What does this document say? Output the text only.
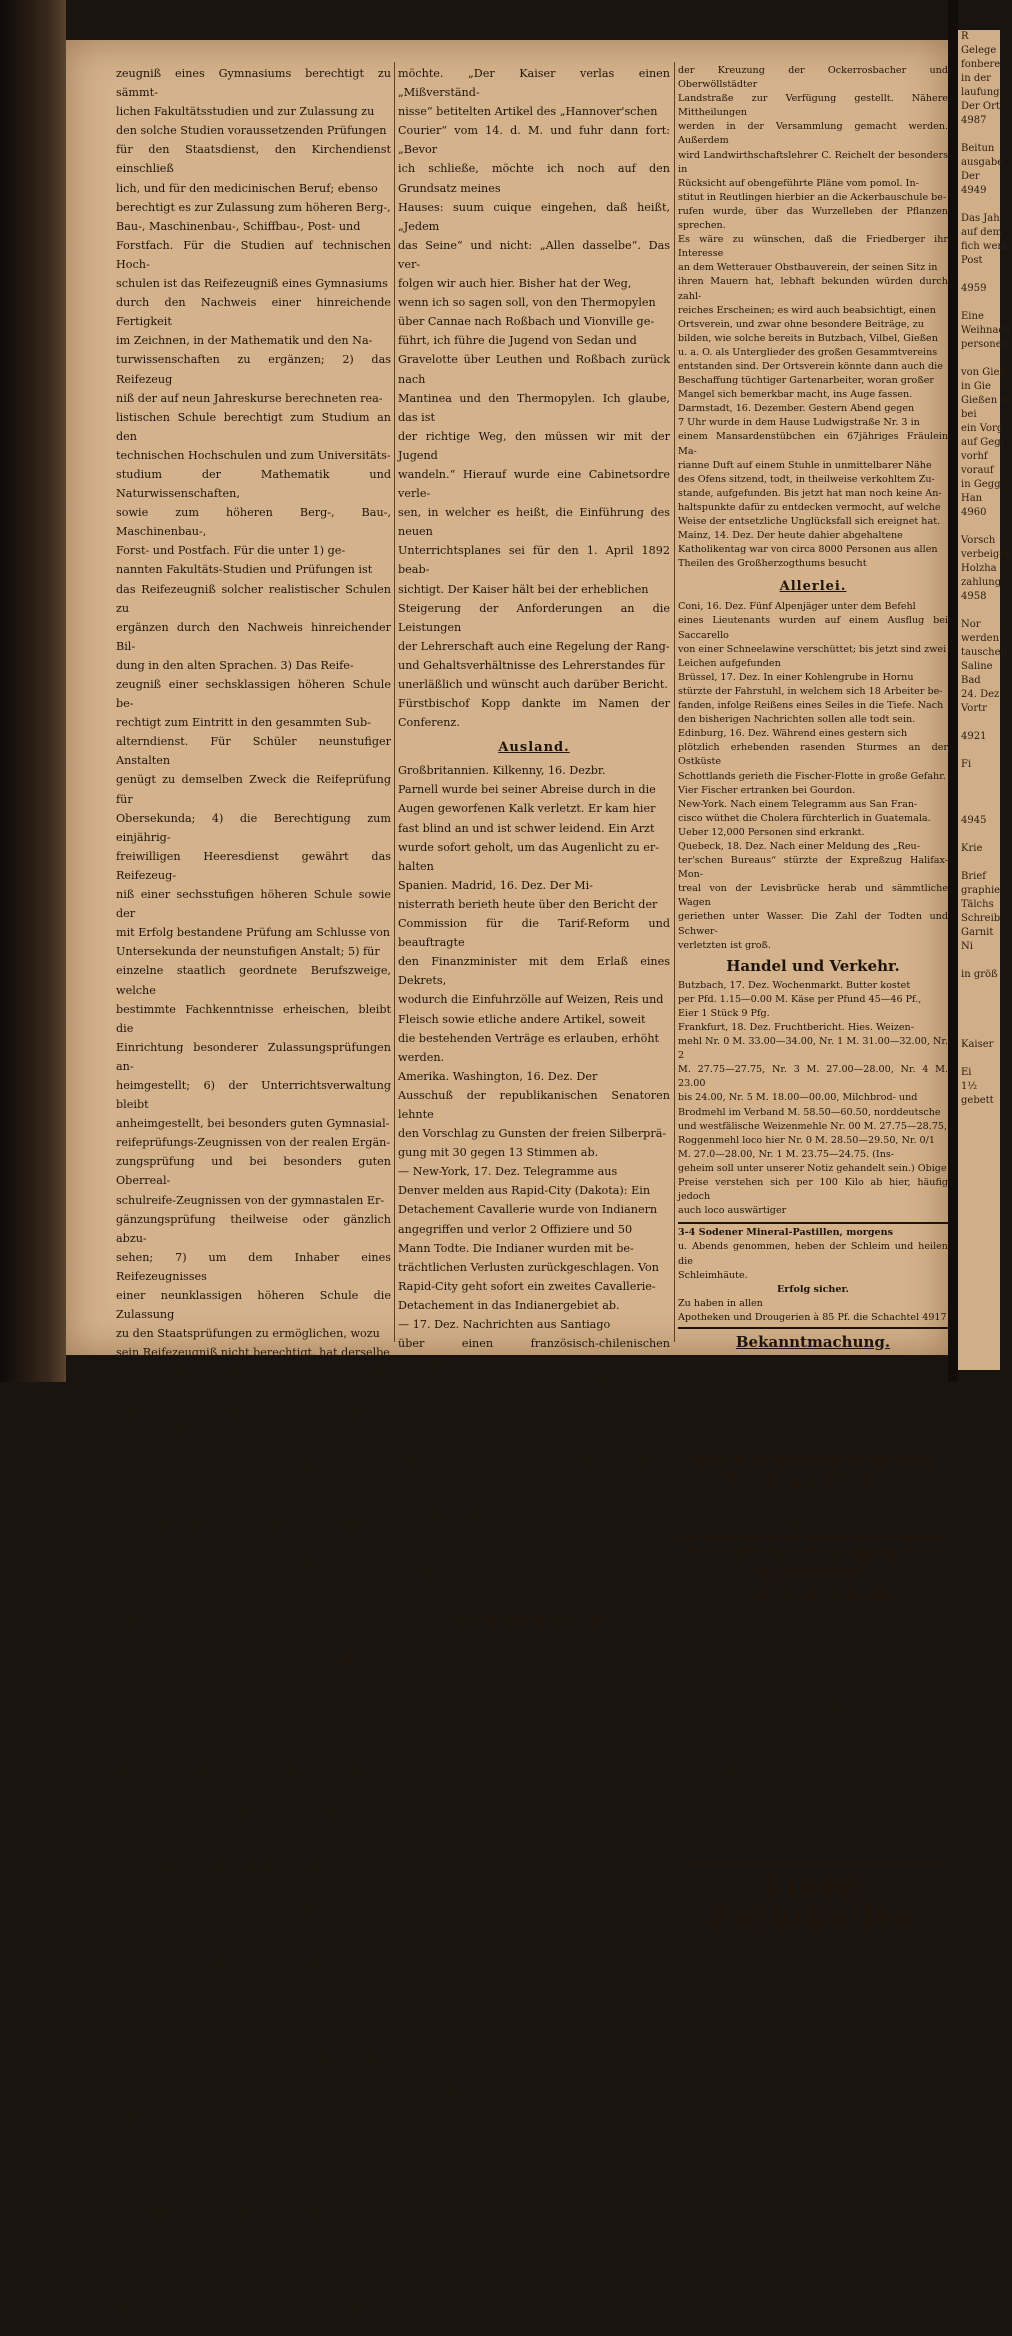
R
Gelege
fonbere
in der
laufung
Der Ort
4987
Beitun
ausgabe
Der
4949
Das Jah
auf dem
fich wem
Post
4959
Eine
Weihnach
personen
von Gieß
in Gie
Gießen o
bei
ein Vorg
auf Gegi
vorhf
vorauf
in Gegg
Han
4960
Vorsch
verbeigen
Holzha
zahlung
4958
Nor
werden
tauschen
Saline
Bad
24. Dez
Vortr
4921
Fi
4945
Krie
Brief
graphie
Tälchs
Schreib
Garnit
Ni
in größ
Kaiser
Ei
1½
gebett

zeugniß eines Gymnasiums berechtigt zu sämmt-

lichen Fakultätsstudien und zur Zulassung zu

den solche Studien voraussetzenden Prüfungen

für den Staatsdienst, den Kirchendienst einschließ

lich, und für den medicinischen Beruf; ebenso

berechtigt es zur Zulassung zum höheren Berg-,

Bau-, Maschinenbau-, Schiffbau-, Post- und

Forstfach. Für die Studien auf technischen Hoch-

schulen ist das Reifezeugniß eines Gymnasiums

durch den Nachweis einer hinreichende Fertigkeit

im Zeichnen, in der Mathematik und den Na-

turwissenschaften zu ergänzen; 2) das Reifezeug

niß der auf neun Jahreskurse berechneten rea-

listischen Schule berechtigt zum Studium an den

technischen Hochschulen und zum Universitäts-

studium der Mathematik und Naturwissenschaften,

sowie zum höheren Berg-, Bau-, Maschinenbau-,

Forst- und Postfach. Für die unter 1) ge-

nannten Fakultäts-Studien und Prüfungen ist

das Reifezeugniß solcher realistischer Schulen zu

ergänzen durch den Nachweis hinreichender Bil-

dung in den alten Sprachen. 3) Das Reife-

zeugniß einer sechsklassigen höheren Schule be-

rechtigt zum Eintritt in den gesammten Sub-

alterndienst. Für Schüler neunstufiger Anstalten

genügt zu demselben Zweck die Reifeprüfung für

Obersekunda; 4) die Berechtigung zum einjährig-

freiwilligen Heeresdienst gewährt das Reifezeug-

niß einer sechsstufigen höheren Schule sowie der

mit Erfolg bestandene Prüfung am Schlusse von

Untersekunda der neunstufigen Anstalt; 5) für

einzelne staatlich geordnete Berufszweige, welche

bestimmte Fachkenntnisse erheischen, bleibt die

Einrichtung besonderer Zulassungsprüfungen an-

heimgestellt; 6) der Unterrichtsverwaltung bleibt

anheimgestellt, bei besonders guten Gymnasial-

reifeprüfungs-Zeugnissen von der realen Ergän-

zungsprüfung und bei besonders guten Oberreal-

schulreife-Zeugnissen von der gymnastalen Er-

gänzungsprüfung theilweise oder gänzlich abzu-

sehen; 7) um dem Inhaber eines Reifezeugnisses

einer neunklassigen höheren Schule die Zulassung

zu den Staatsprüfungen zu ermöglichen, wozu

sein Reifezeugniß nicht berechtigt, hat derselbe

während seiner Studienzeit ein Fachexamen ab-

zulegen, 8) bei einer unumgänglichen Neurege-

lung des Berechtigungswesens ist die möglichst

gleiche Werthschätzung der realistischen Bildung

mit der humanistischen anzustreben. In dem

Schlußworte dankte der Kaiser den Mitgliedern

der Konferenz für die gehabte Mühe. Es sei

aufgefallen, daß er bei Eröffnung der Conferenz

der Religion nicht erwähnt habe. Er habe ge-

glaubt, seine Ideen und Gedanken über die Religion

lägen so sonnenklar vor Aller Blicken, daß sie Jeder-

mann bekannt wären. Er halte es für selbst-

verständlich als preußischer König und Summus

episcopus der evangelischen Kirche für seine hei-

lige Pflicht, dafür zu sorgen, daß das religiöse

Gefühl und der Funke christlichen Geistes in

der Schule gepflegt und gemehrt würde. Die

Schule möge die Kirche achten und ehren, die

Kirche möge der Schule bei ihren Aufgaben

helfen, dann werde es gelingen, die Jugend zu

den Anforderungen des modernen Staatslebens

heranzubilden. „Wir befinden uns in einem

Zeitpunkt des Durchgangs und Vorwärtsschrei-

tens in ein neues Jahrhundert. Von jeher

haben meine Vorfahren bewiesen, daß sie den

Puls der Zeit fühlend, voraus erspähten, was

kommen würde, dann sind sie an der Spitze der

Bewegung geblieben, die sie zu leiten und zu

neuen Zielen zu führen entschlossen waren. Ich

glaube erkannt zu haben, wohin der neue Geist

und das ablaufende Jahrhundert zielen und bin

entschlossen, wie beim Anfassen der sozialen Re-

formen, so auch bei der Heranbildung des jungen

Geschlechts die neuen Bahnen zu beschreiten,

die wir beschreiten müssen. Es wird Ihrem

Gefühl Genugthuung gewähren und Ihnen eine

Freude sein, daß ich Sie ausgesucht habe um

neue Bahnen festzustellen. Ich danke Ihnen

Allen. Auch möchte Ich Ihnen noch einen Artikel

mittheilen, der so bemerkenswerth und so schön

geschrieben ist, in jeder Weise meine Gedanken

wiedergebend, daß ich die Hauptsätze vorlesen

möchte. „Der Kaiser verlas einen „Mißverständ-

nisse“ betitelten Artikel des „Hannover'schen

Courier“ vom 14. d. M. und fuhr dann fort: „Bevor

ich schließe, möchte ich noch auf den Grundsatz meines

Hauses: suum cuique eingehen, daß heißt, „Jedem

das Seine“ und nicht: „Allen dasselbe“. Das ver-

folgen wir auch hier. Bisher hat der Weg,

wenn ich so sagen soll, von den Thermopylen

über Cannae nach Roßbach und Vionville ge-

führt, ich führe die Jugend von Sedan und

Gravelotte über Leuthen und Roßbach zurück nach

Mantinea und den Thermopylen. Ich glaube, das ist

der richtige Weg, den müssen wir mit der Jugend

wandeln.“ Hierauf wurde eine Cabinetsordre verle-

sen, in welcher es heißt, die Einführung des neuen

Unterrichtsplanes sei für den 1. April 1892 beab-

sichtigt. Der Kaiser hält bei der erheblichen

Steigerung der Anforderungen an die Leistungen

der Lehrerschaft auch eine Regelung der Rang-

und Gehaltsverhältnisse des Lehrerstandes für

unerläßlich und wünscht auch darüber Bericht.

Fürstbischof Kopp dankte im Namen der Conferenz.

Ausland.

Großbritannien. Kilkenny, 16. Dezbr.

Parnell wurde bei seiner Abreise durch in die

Augen geworfenen Kalk verletzt. Er kam hier

fast blind an und ist schwer leidend. Ein Arzt

wurde sofort geholt, um das Augenlicht zu er-

halten

Spanien. Madrid, 16. Dez. Der Mi-

nisterrath berieth heute über den Bericht der

Commission für die Tarif-Reform und beauftragte

den Finanzminister mit dem Erlaß eines Dekrets,

wodurch die Einfuhrzölle auf Weizen, Reis und

Fleisch sowie etliche andere Artikel, soweit

die bestehenden Verträge es erlauben, erhöht

werden.

Amerika. Washington, 16. Dez. Der

Ausschuß der republikanischen Senatoren lehnte

den Vorschlag zu Gunsten der freien Silberprä-

gung mit 30 gegen 13 Stimmen ab.

— New-York, 17. Dez. Telegramme aus

Denver melden aus Rapid-City (Dakota): Ein

Detachement Cavallerie wurde von Indianern

angegriffen und verlor 2 Offiziere und 50

Mann Todte. Die Indianer wurden mit be-

trächtlichen Verlusten zurückgeschlagen. Von

Rapid-City geht sofort ein zweites Cavallerie-

Detachement in das Indianergebiet ab.

— 17. Dez. Nachrichten aus Santiago

über einen französisch-chilenischen Zwischenfall

lauten heute günstiger. Es wird erklärt, Frank-

reich hätte niemals daran gedacht, eine Pression

auf Chile auszuüben, wie aus der Note des

französischen Gesandten Hermand hervorgeht.

Letzterer erhielt niemals Instructionen, ein an-

deres Verhalten zu beobachten, als für seine

Vorgänger maßgebend war. Die amerikanische

Regierung theilt vollständig den Wunsch des

französischen Cabinets, die Affaire bald erledigt

zu sehen.

Aus Stadt und Land.

? Friedberg. Wir machen nochmals auf die am Sonn-

tag den 21. Dezember im Musik-Saale über den städtischen

Pferdeställen von 1/28 Uhr an stattfindende Weihnachts-

bescherung und Aufführung im „Feierabend für Lehr-

linge“ aufmerksam. Die Mitglieder des „Ev. Vereins“,

die Eltern und Lehrherren der jungen Leute und sonstige

Freunde und Freundinnen des „Feierabends“ sind freund-

lichst zu dieser Weihnachtsfeier eingeladen.

p. Friedberg. Wir machen die Gartenbesitzer und

Obstfreunde auf das Ausschreiben in heutiger Nummer

aufmerksam, wonach Samstag den 20., Abends 8 Uhr,

in den oberen Räumen der Bierbrauerei von Henn und

Jamin eine Versammlung der hiesigen Mitglieder des

Wetterauer Obstbauvereins stattfindet. In derselben

wird ein Bericht über die Obstausstellung gegeben und

das Projekt näher besprochen werden, in Friedberg einen

Obstmuttergarten für die Provinz einzurichten, an welchem

dann die Baumwärterkurse und kürzere Kurse für Privat-

interessenten abgehalten werden sollen. In weiteren Kreisen

der Provinz findet dieser Gedanke lebhaften Anklang.

Der Präsident des landw. Provinzialvereins, Graf

Solms-Laubach, hat auf der letzten Ausschußsitzung in

Gießen denselben mit Wärme vertreten. Ueber die Auf-

bringung der Mittel sind Verhandlungen im Gange. Die

Stadt Friedberg hat die große Bedeutung dieses Unter-

nehmens insbesondere für die Stadt und den Kreis er-

kannt und vier Ortsmorgen Landes in bester Lage an

der Kreuzung der Ockerrosbacher und Oberwöllstädter

Landstraße zur Verfügung gestellt. Nähere Mittheilungen

werden in der Versammlung gemacht werden. Außerdem

wird Landwirthschaftslehrer C. Reichelt der besonders in

Rücksicht auf obengeführte Pläne vom pomol. In-

stitut in Reutlingen hierbier an die Ackerbauschule be-

rufen wurde, über das Wurzelleben der Pflanzen sprechen.

Es wäre zu wünschen, daß die Friedberger ihr Interesse

an dem Wetterauer Obstbauverein, der seinen Sitz in

ihren Mauern hat, lebhaft bekunden würden durch zahl-

reiches Erscheinen; es wird auch beabsichtigt, einen

Ortsverein, und zwar ohne besondere Beiträge, zu

bilden, wie solche bereits in Butzbach, Vilbel, Gießen

u. a. O. als Unterglieder des großen Gesammtvereins

entstanden sind. Der Ortsverein könnte dann auch die

Beschaffung tüchtiger Gartenarbeiter, woran großer

Mangel sich bemerkbar macht, ins Auge fassen.

Darmstadt, 16. Dezember. Gestern Abend gegen

7 Uhr wurde in dem Hause Ludwigstraße Nr. 3 in

einem Mansardenstübchen ein 67jähriges Fräulein Ma-

rianne Duft auf einem Stuhle in unmittelbarer Nähe

des Ofens sitzend, todt, in theilweise verkohltem Zu-

stande, aufgefunden. Bis jetzt hat man noch keine An-

haltspunkte dafür zu entdecken vermocht, auf welche

Weise der entsetzliche Unglücksfall sich ereignet hat.

Mainz, 14. Dez. Der heute dahier abgehaltene

Katholikentag war von circa 8000 Personen aus allen

Theilen des Großherzogthums besucht

Allerlei.

Coni, 16. Dez. Fünf Alpenjäger unter dem Befehl

eines Lieutenants wurden auf einem Ausflug bei Saccarello

von einer Schneelawine verschüttet; bis jetzt sind zwei

Leichen aufgefunden

Brüssel, 17. Dez. In einer Kohlengrube in Hornu

stürzte der Fahrstuhl, in welchem sich 18 Arbeiter be-

fanden, infolge Reißens eines Seiles in die Tiefe. Nach

den bisherigen Nachrichten sollen alle todt sein.

Edinburg, 16. Dez. Während eines gestern sich

plötzlich erhebenden rasenden Sturmes an der Ostküste

Schottlands gerieth die Fischer-Flotte in große Gefahr.

Vier Fischer ertranken bei Gourdon.

New-York. Nach einem Telegramm aus San Fran-

cisco wüthet die Cholera fürchterlich in Guatemala.

Ueber 12,000 Personen sind erkrankt.

Quebeck, 18. Dez. Nach einer Meldung des „Reu-

ter'schen Bureaus“ stürzte der Expreßzug Halifax-Mon-

treal von der Levisbrücke herab und sämmtliche Wagen

geriethen unter Wasser. Die Zahl der Todten und Schwer-

verletzten ist groß.

Handel und Verkehr.

Butzbach, 17. Dez. Wochenmarkt. Butter kostet

per Pfd. 1.15—0.00 M. Käse per Pfund 45—46 Pf.,

Eier 1 Stück 9 Pfg.

Frankfurt, 18. Dez. Fruchtbericht. Hies. Weizen-

mehl Nr. 0 M. 33.00—34.00, Nr. 1 M. 31.00—32.00, Nr. 2

M. 27.75—27.75, Nr. 3 M. 27.00—28.00, Nr. 4 M. 23.00

bis 24.00, Nr. 5 M. 18.00—00.00, Milchbrod- und

Brodmehl im Verband M. 58.50—60.50, norddeutsche

und westfälische Weizenmehle Nr. 00 M. 27.75—28.75,

Roggenmehl loco hier Nr. 0 M. 28.50—29.50, Nr. 0/1

M. 27.0—28.00, Nr. 1 M. 23.75—24.75. (Ins-

geheim soll unter unserer Notiz gehandelt sein.) Obige

Preise verstehen sich per 100 Kilo ab hier, häufig jedoch

auch loco auswärtiger

3-4 Sodener Mineral-Pastillen, morgens

u. Abends genommen, heben der Schleim und heilen die

Schleimhäute.

Erfolg sicher.

Zu haben in allen

Apotheken und Drougerien à 85 Pf. die Schachtel 4917

Bekanntmachung.

Am Sonntag den 21. Dezember wird die Packet-

Annahmestelle während des ganzen Tages zum Verkehr

mit dem Publicum offen gehalten.

Friedberg 17. Dezember 1890.

Kaiserliches Postamt.

Die Christbescheerung für arme Kinder

im Hospitale dahier

findet Sonntag den 21. Dez., Nachmittags 1/25 Uhr, statt.

Kirchliche Anzeigen für Friedberg.
Evangelische Gemeinde.

4. Advent.

Pfarramtswoche Herr Pfarrer Dr. Weiffenbach.

Gottesdienst in der Stadtkirche.

Nachmittags 1½ Uhr: Herr Candidat Freundlieb.

Gottesdienst in der Burgkirche.

Vormittags 9½ Uhr: Herr Pfarrer Meyer.

Abends 5 Uhr: Herr Pfarrer Dr. Köstlin.

Am zweiten Weihnachtsfesttag Abendmahl in der Burg-

kirche, Beichte nach dem Vormittagsgottesdienst des ersten

Festtages.

Katholische Gemeinde.

Samstag Nachmittag von 4 Uhr an Beicht.

Sonntag Morgen 6 Uhr: Beicht; 9/47 Uhr: Austheilung

der heil. Communion.

10 Uhr: Hochamt mit Predigt.

2 Uhr: Christenlehre und Andacht.

Einen Zuchtbullen

(Berner-Bastard), 1¼ Jahr alt, hat zu verkaufen

Melbach. 4930 Ernst Kleberger.
